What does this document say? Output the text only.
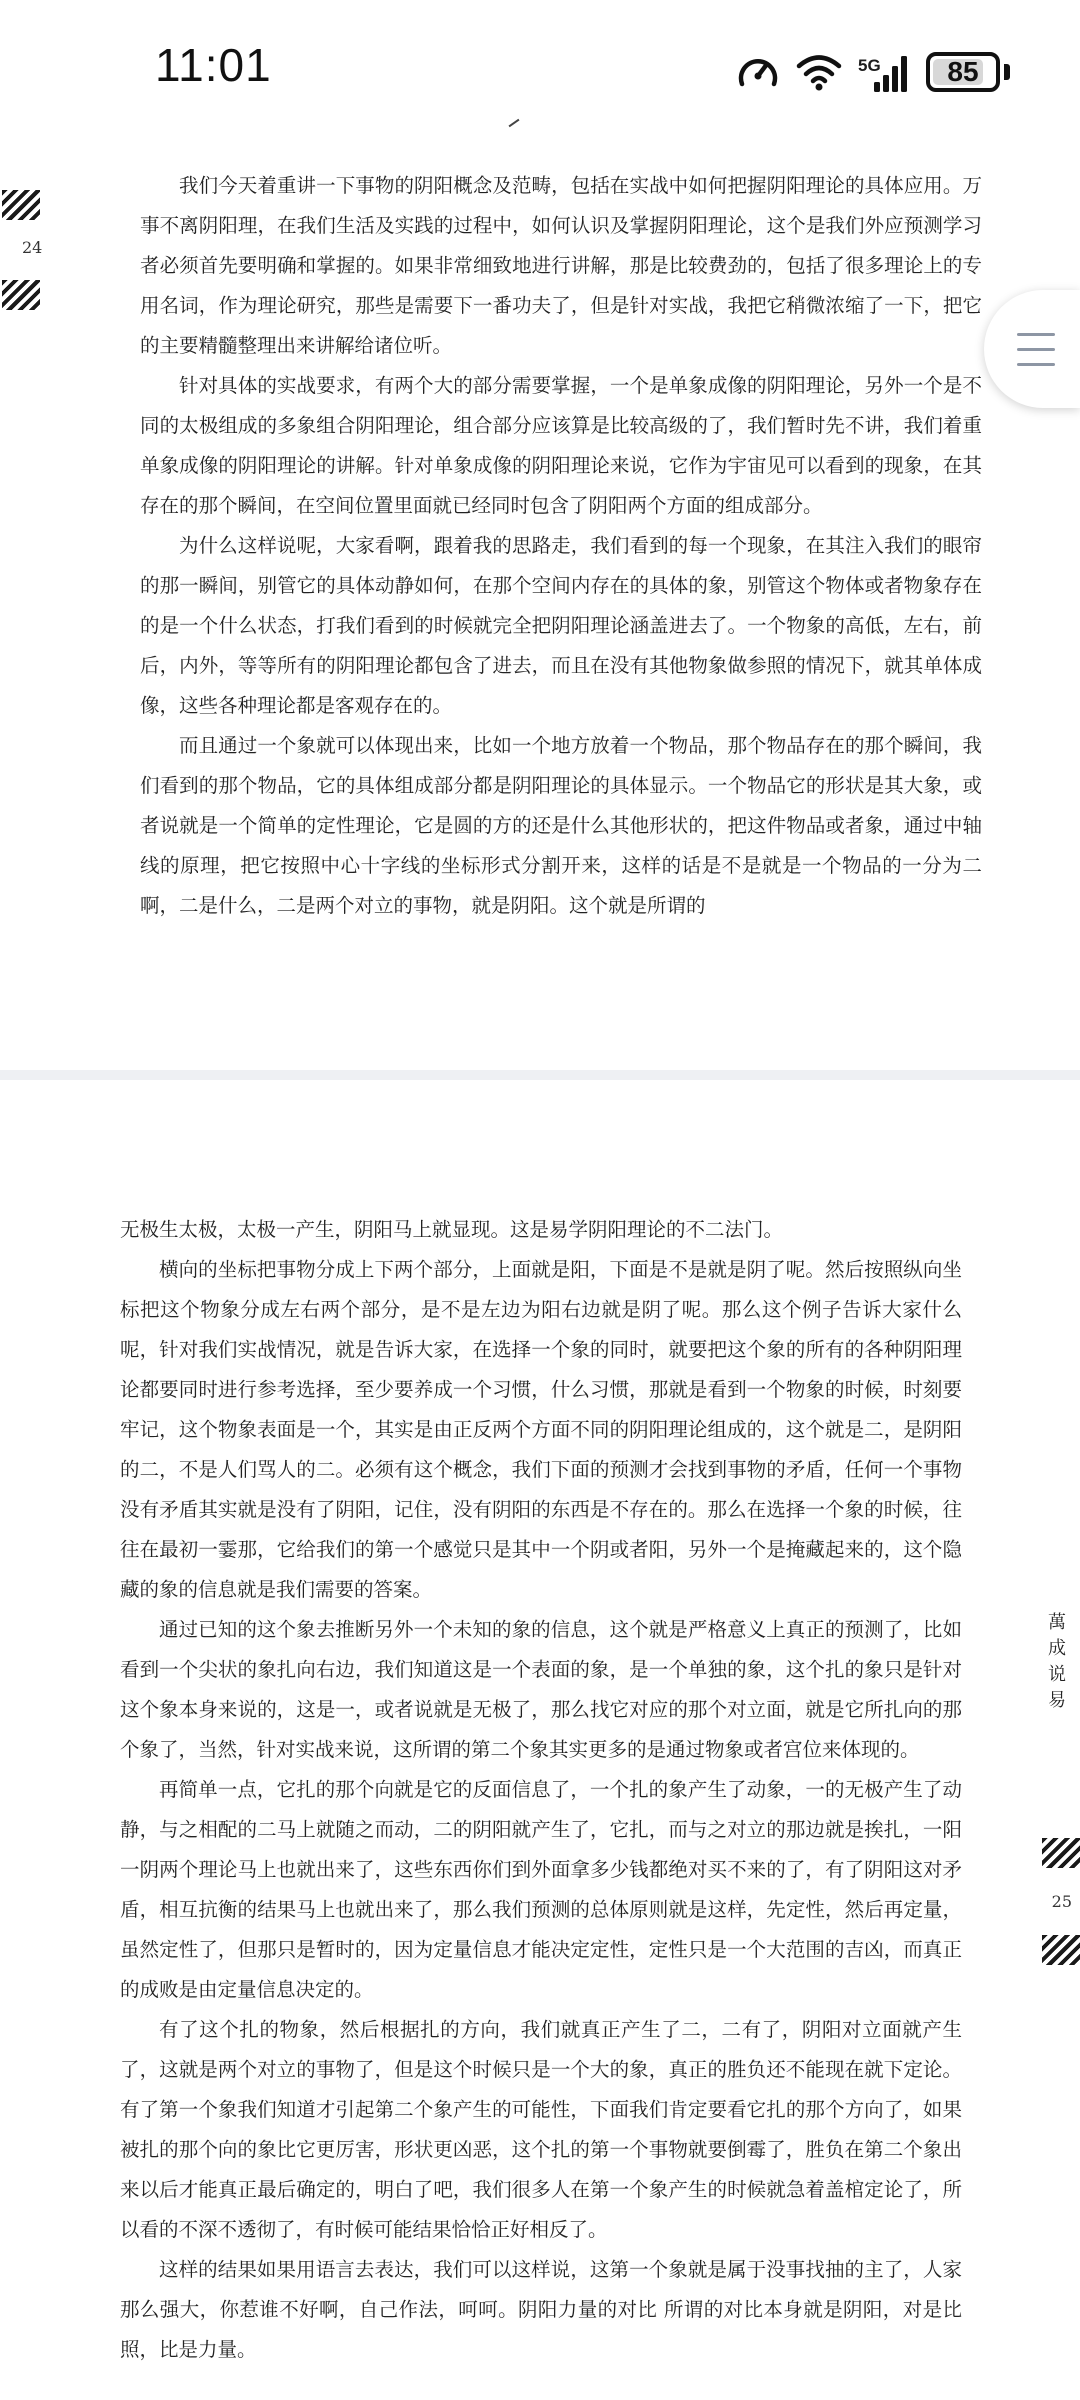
11:01	5G 85
24

我们今天着重讲一下事物的阴阳概念及范畴，包括在实战中如何把握阴阳理论的具体应用。万事不离阴阳理，在我们生活及实践的过程中，如何认识及掌握阴阳理论，这个是我们外应预测学习者必须首先要明确和掌握的。如果非常细致地进行讲解，那是比较费劲的，包括了很多理论上的专用名词，作为理论研究，那些是需要下一番功夫了，但是针对实战，我把它稍微浓缩了一下，把它的主要精髓整理出来讲解给诸位听。

针对具体的实战要求，有两个大的部分需要掌握，一个是单象成像的阴阳理论，另外一个是不同的太极组成的多象组合阴阳理论，组合部分应该算是比较高级的了，我们暂时先不讲，我们着重单象成像的阴阳理论的讲解。针对单象成像的阴阳理论来说，它作为宇宙见可以看到的现象，在其存在的那个瞬间，在空间位置里面就已经同时包含了阴阳两个方面的组成部分。

为什么这样说呢，大家看啊，跟着我的思路走，我们看到的每一个现象，在其注入我们的眼帘的那一瞬间，别管它的具体动静如何，在那个空间内存在的具体的象，别管这个物体或者物象存在的是一个什么状态，打我们看到的时候就完全把阴阳理论涵盖进去了。一个物象的高低，左右，前后，内外，等等所有的阴阳理论都包含了进去，而且在没有其他物象做参照的情况下，就其单体成像，这些各种理论都是客观存在的。

而且通过一个象就可以体现出来，比如一个地方放着一个物品，那个物品存在的那个瞬间，我们看到的那个物品，它的具体组成部分都是阴阳理论的具体显示。一个物品它的形状是其大象，或者说就是一个简单的定性理论，它是圆的方的还是什么其他形状的，把这件物品或者象，通过中轴线的原理，把它按照中心十字线的坐标形式分割开来，这样的话是不是就是一个物品的一分为二啊，二是什么，二是两个对立的事物，就是阴阳。这个就是所谓的

萬
成
说
易
25

无极生太极，太极一产生，阴阳马上就显现。这是易学阴阳理论的不二法门。

横向的坐标把事物分成上下两个部分，上面就是阳，下面是不是就是阴了呢。然后按照纵向坐标把这个物象分成左右两个部分，是不是左边为阳右边就是阴了呢。那么这个例子告诉大家什么呢，针对我们实战情况，就是告诉大家，在选择一个象的同时，就要把这个象的所有的各种阴阳理论都要同时进行参考选择，至少要养成一个习惯，什么习惯，那就是看到一个物象的时候，时刻要牢记，这个物象表面是一个，其实是由正反两个方面不同的阴阳理论组成的，这个就是二，是阴阳的二，不是人们骂人的二。必须有这个概念，我们下面的预测才会找到事物的矛盾，任何一个事物没有矛盾其实就是没有了阴阳，记住，没有阴阳的东西是不存在的。那么在选择一个象的时候，往往在最初一霎那，它给我们的第一个感觉只是其中一个阴或者阳，另外一个是掩藏起来的，这个隐藏的象的信息就是我们需要的答案。

通过已知的这个象去推断另外一个未知的象的信息，这个就是严格意义上真正的预测了，比如看到一个尖状的象扎向右边，我们知道这是一个表面的象，是一个单独的象，这个扎的象只是针对这个象本身来说的，这是一，或者说就是无极了，那么找它对应的那个对立面，就是它所扎向的那个象了，当然，针对实战来说，这所谓的第二个象其实更多的是通过物象或者宫位来体现的。

再简单一点，它扎的那个向就是它的反面信息了，一个扎的象产生了动象，一的无极产生了动静，与之相配的二马上就随之而动，二的阴阳就产生了，它扎，而与之对立的那边就是挨扎，一阳一阴两个理论马上也就出来了，这些东西你们到外面拿多少钱都绝对买不来的了，有了阴阳这对矛盾，相互抗衡的结果马上也就出来了，那么我们预测的总体原则就是这样，先定性，然后再定量，虽然定性了，但那只是暂时的，因为定量信息才能决定定性，定性只是一个大范围的吉凶，而真正的成败是由定量信息决定的。

有了这个扎的物象，然后根据扎的方向，我们就真正产生了二，二有了，阴阳对立面就产生了，这就是两个对立的事物了，但是这个时候只是一个大的象，真正的胜负还不能现在就下定论。有了第一个象我们知道才引起第二个象产生的可能性，下面我们肯定要看它扎的那个方向了，如果被扎的那个向的象比它更厉害，形状更凶恶，这个扎的第一个事物就要倒霉了，胜负在第二个象出来以后才能真正最后确定的，明白了吧，我们很多人在第一个象产生的时候就急着盖棺定论了，所以看的不深不透彻了，有时候可能结果恰恰正好相反了。

这样的结果如果用语言去表达，我们可以这样说，这第一个象就是属于没事找抽的主了，人家那么强大，你惹谁不好啊，自己作法，呵呵。阴阳力量的对比 所谓的对比本身就是阴阳，对是比照，比是力量。
